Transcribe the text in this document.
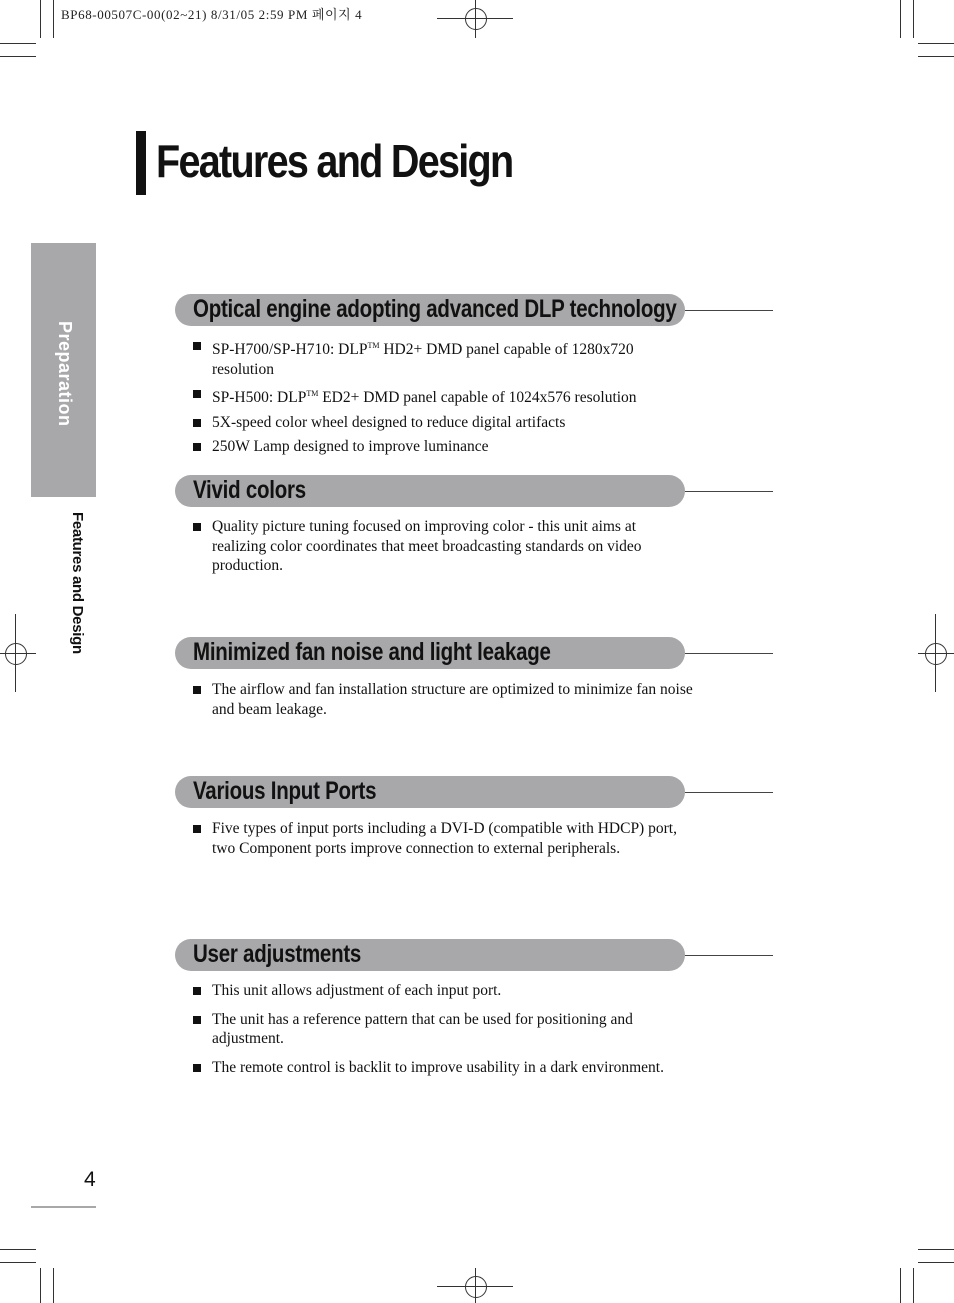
BP68-00507C-00(02~21) 8/31/05 2:59 PM 페이지 4
Features and Design
Preparation
Features and Design
Optical engine adopting advanced DLP technology
SP-H700/SP-H710: DLP™ HD2+ DMD panel capable of 1280x720 resolution
SP-H500: DLP™ ED2+ DMD panel capable of 1024x576 resolution
5X-speed color wheel designed to reduce digital artifacts
250W Lamp designed to improve luminance
Vivid colors
Quality picture tuning focused on improving color - this unit aims at realizing color coordinates that meet broadcasting standards on video production.
Minimized fan noise and light leakage
The airflow and fan installation structure are optimized to minimize fan noise and beam leakage.
Various Input Ports
Five types of input ports including a DVI-D (compatible with HDCP) port, two Component ports improve connection to external peripherals.
User adjustments
This unit allows adjustment of each input port.
The unit has a reference pattern that can be used for positioning and adjustment.
The remote control is backlit to improve usability in a dark environment.
4
